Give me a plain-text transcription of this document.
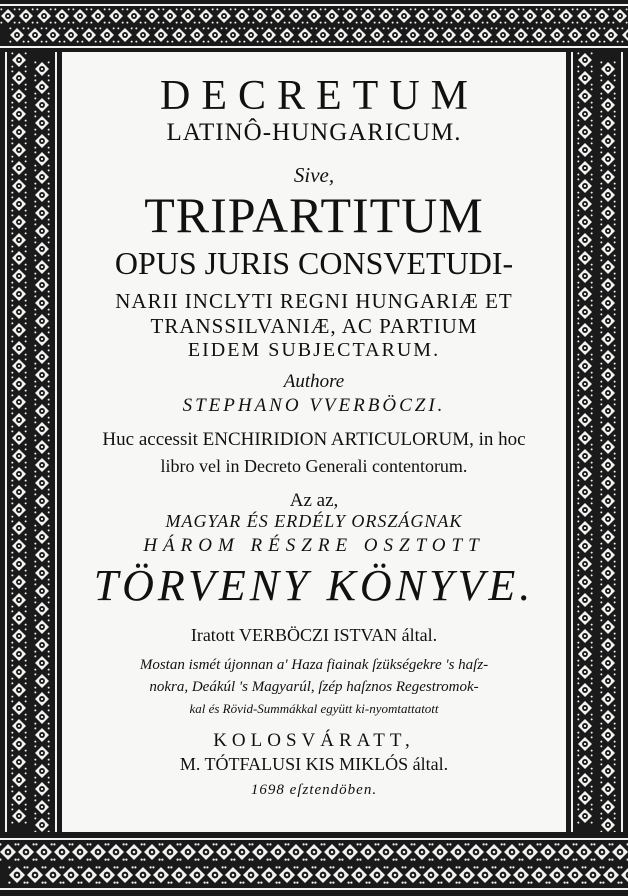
DECRETUM
LATINÔ-HUNGARICUM.
Sive,
TRIPARTITUM
OPUS JURIS CONSVETUDI-
NARII INCLYTI REGNI HUNGARIÆ ET
TRANSSILVANIÆ, AC PARTIUM
EIDEM SUBJECTARUM.
Authore
STEPHANO VVERBÖCZI.
Huc accessit ENCHIRIDION ARTICULORUM, in hoc
libro vel in Decreto Generali contentorum.
Az az,
MAGYAR ÉS ERDÉLY ORSZÁGNAK
HÁROM RÉSZRE OSZTOTT
TÖRVENY KÖNYVE.
Iratott VERBÖCZI ISTVAN által.
Mostan ismét újonnan a' Haza fiainak ſzükségekre 's haſz-
nokra, Deákúl 's Magyarúl, ſzép haſznos Regestromok-
kal és Rövid-Summákkal együtt ki-nyomtattatott
KOLOSVÁRATT,
M. TÓTFALUSI KIS MIKLÓS által.
1698 eſztendöben.
